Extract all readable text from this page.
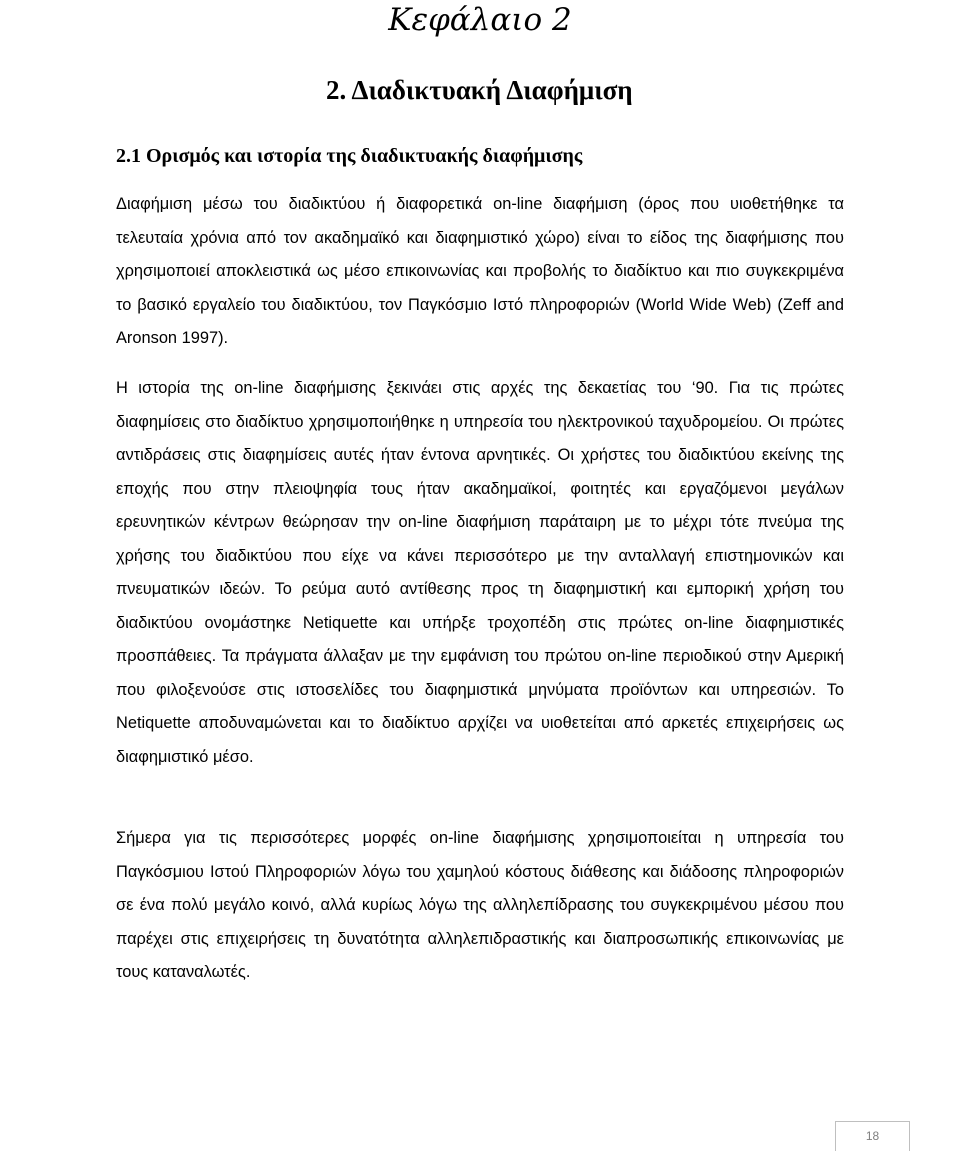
Κεφάλαιο 2
2. Διαδικτυακή Διαφήμιση
2.1 Ορισμός και ιστορία της διαδικτυακής διαφήμισης

Διαφήμιση μέσω του διαδικτύου ή διαφορετικά on-line διαφήμιση (όρος που υιοθετήθηκε τα τελευταία χρόνια από τον ακαδημαϊκό και διαφημιστικό χώρο) είναι το είδος της διαφήμισης που χρησιμοποιεί αποκλειστικά ως μέσο επικοινωνίας και προβολής το διαδίκτυο και πιο συγκεκριμένα το βασικό εργαλείο του διαδικτύου, τον Παγκόσμιο Ιστό πληροφοριών (World Wide Web) (Zeff and Aronson 1997).

Η ιστορία της on-line διαφήμισης ξεκινάει στις αρχές της δεκαετίας του ‘90. Για τις πρώτες διαφημίσεις στο διαδίκτυο χρησιμοποιήθηκε η υπηρεσία του ηλεκτρονικού ταχυδρομείου. Οι πρώτες αντιδράσεις στις διαφημίσεις αυτές ήταν έντονα αρνητικές. Οι χρήστες του διαδικτύου εκείνης της εποχής που στην πλειοψηφία τους ήταν ακαδημαϊκοί, φοιτητές και εργαζόμενοι μεγάλων ερευνητικών κέντρων θεώρησαν την on-line διαφήμιση παράταιρη με το μέχρι τότε πνεύμα της χρήσης του διαδικτύου που είχε να κάνει περισσότερο με την ανταλλαγή επιστημονικών και πνευματικών ιδεών. Το ρεύμα αυτό αντίθεσης προς τη διαφημιστική και εμπορική χρήση του διαδικτύου ονομάστηκε Netiquette και υπήρξε τροχοπέδη στις πρώτες on-line διαφημιστικές προσπάθειες. Τα πράγματα άλλαξαν με την εμφάνιση του πρώτου on-line περιοδικού στην Αμερική που φιλοξενούσε στις ιστοσελίδες του διαφημιστικά μηνύματα προϊόντων και υπηρεσιών. Το Netiquette αποδυναμώνεται και το διαδίκτυο αρχίζει να υιοθετείται από αρκετές επιχειρήσεις ως διαφημιστικό μέσο.

Σήμερα για τις περισσότερες μορφές on-line διαφήμισης χρησιμοποιείται η υπηρεσία του Παγκόσμιου Ιστού Πληροφοριών λόγω του χαμηλού κόστους διάθεσης και διάδοσης πληροφοριών σε ένα πολύ μεγάλο κοινό, αλλά κυρίως λόγω της αλληλεπίδρασης του συγκεκριμένου μέσου που παρέχει στις επιχειρήσεις τη δυνατότητα αλληλεπιδραστικής και διαπροσωπικής επικοινωνίας με τους καταναλωτές.

18
